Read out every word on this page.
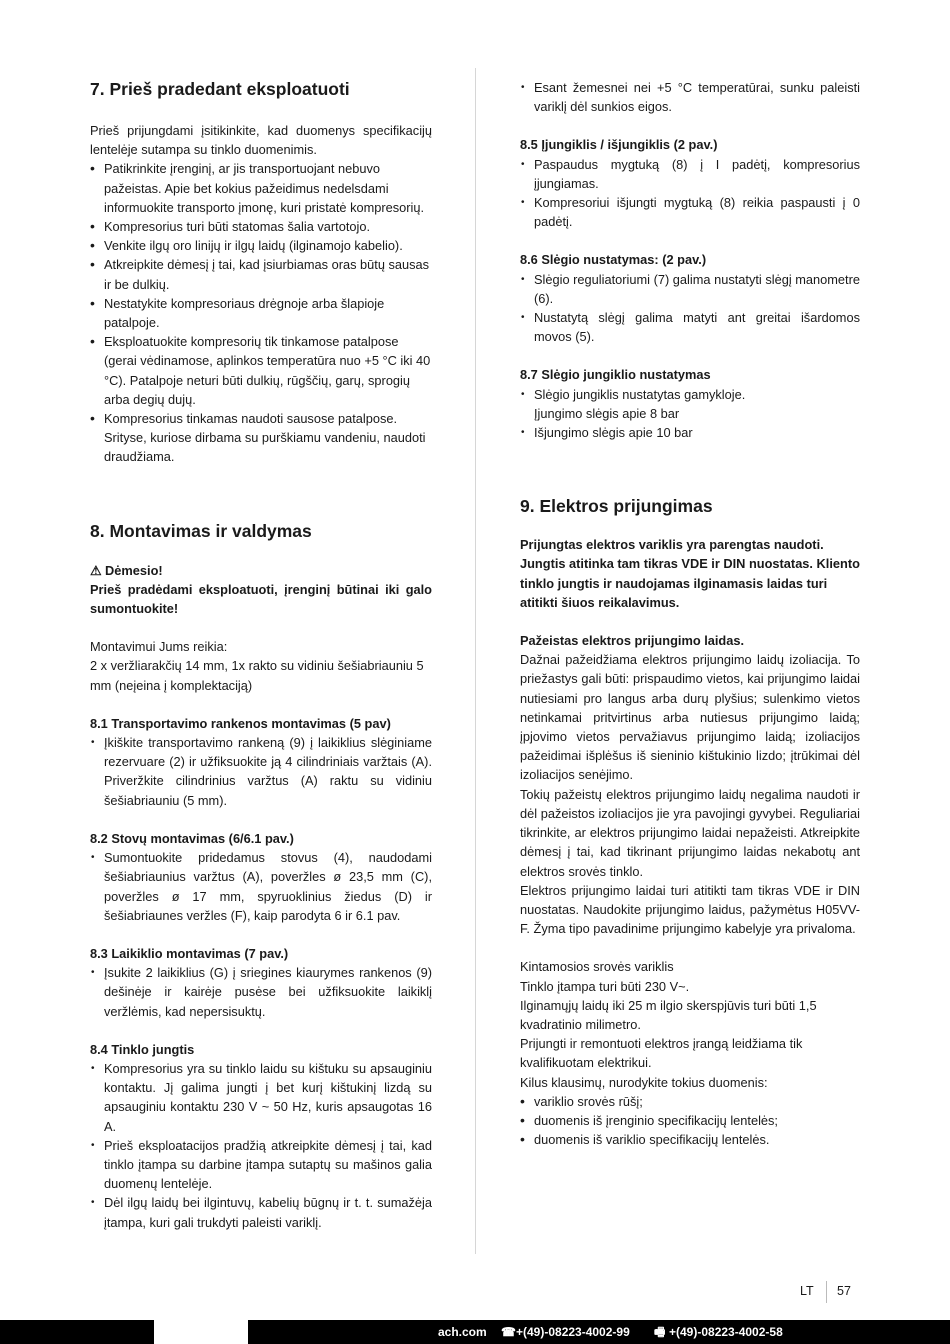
7. Prieš pradedant eksploatuoti

Prieš prijungdami įsitikinkite, kad duomenys specifikacijų lentelėje sutampa su tinklo duomenimis.

• Patikrinkite įrenginį, ar jis transportuojant nebuvo pažeistas. Apie bet kokius pažeidimus nedelsdami informuokite transporto įmonę, kuri pristatė kompresorių.
• Kompresorius turi būti statomas šalia vartotojo.
• Venkite ilgų oro linijų ir ilgų laidų (ilginamojo kabelio).
• Atkreipkite dėmesį į tai, kad įsiurbiamas oras būtų sausas ir be dulkių.
• Nestatykite kompresoriaus drėgnoje arba šlapioje patalpoje.
• Eksploatuokite kompresorių tik tinkamose patalpose (gerai vėdinamose, aplinkos temperatūra nuo +5 °C iki 40 °C). Patalpoje neturi būti dulkių, rūgščių, garų, sprogių arba degių dujų.
• Kompresorius tinkamas naudoti sausose patalpose. Srityse, kuriose dirbama su purškiamu vandeniu, naudoti draudžiama.
8. Montavimas ir valdymas

⚠ Dėmesio!

Prieš pradėdami eksploatuoti, įrenginį būtinai iki galo sumontuokite!

Montavimui Jums reikia:

2 x veržliarakčių 14 mm, 1x rakto su vidiniu šešiabriauniu 5 mm (neįeina į komplektaciją)

8.1 Transportavimo rankenos montavimas (5 pav)
• Įkiškite transportavimo rankeną (9) į laikiklius slėginiame rezervuare (2) ir užfiksuokite ją 4 cilindriniais varžtais (A). Priveržkite cilindrinius varžtus (A) raktu su vidiniu šešiabriauniu (5 mm).
8.2 Stovų montavimas (6/6.1 pav.)
• Sumontuokite pridedamus stovus (4), naudodami šešiabriaunius varžtus (A), poveržles ø 23,5 mm (C), poveržles ø 17 mm, spyruoklinius žiedus (D) ir šešiabriaunes veržles (F), kaip parodyta 6 ir 6.1 pav.
8.3 Laikiklio montavimas (7 pav.)
• Įsukite 2 laikiklius (G) į sriegines kiaurymes rankenos (9) dešinėje ir kairėje pusėse bei užfiksuokite laikiklį veržlėmis, kad nepersisuktų.
8.4 Tinklo jungtis
• Kompresorius yra su tinklo laidu su kištuku su apsauginiu kontaktu. Jį galima jungti į bet kurį kištukinį lizdą su apsauginiu kontaktu 230 V ~ 50 Hz, kuris apsaugotas 16 A.
• Prieš eksploatacijos pradžią atkreipkite dėmesį į tai, kad tinklo įtampa su darbine įtampa sutaptų su mašinos galia duomenų lentelėje.
• Dėl ilgų laidų bei ilgintuvų, kabelių būgnų ir t. t. sumažėja įtampa, kuri gali trukdyti paleisti variklį.
• Esant žemesnei nei +5 °C temperatūrai, sunku paleisti variklį dėl sunkios eigos.
8.5 Įjungiklis / išjungiklis (2 pav.)
• Paspaudus mygtuką (8) į I padėtį, kompresorius įjungiamas.
• Kompresoriui išjungti mygtuką (8) reikia paspausti į 0 padėtį.
8.6 Slėgio nustatymas: (2 pav.)
• Slėgio reguliatoriumi (7) galima nustatyti slėgį manometre (6).
• Nustatytą slėgį galima matyti ant greitai išardomos movos (5).
8.7 Slėgio jungiklio nustatymas
• Slėgio jungiklis nustatytas gamykloje.
Įjungimo slėgis apie 8 bar
• Išjungimo slėgis apie 10 bar
9. Elektros prijungimas

Prijungtas elektros variklis yra parengtas naudoti. Jungtis atitinka tam tikras VDE ir DIN nuostatas. Kliento tinklo jungtis ir naudojamas ilginamasis laidas turi atitikti šiuos reikalavimus.

Pažeistas elektros prijungimo laidas.

Dažnai pažeidžiama elektros prijungimo laidų izoliacija. To priežastys gali būti: prispaudimo vietos, kai prijungimo laidai nutiesiami pro langus arba durų plyšius; sulenkimo vietos netinkamai pritvirtinus arba nutiesus prijungimo laidą; įpjovimo vietos pervažiavus prijungimo laidą; izoliacijos pažeidimai išplėšus iš sieninio kištukinio lizdo; įtrūkimai dėl izoliacijos senėjimo.

Tokių pažeistų elektros prijungimo laidų negalima naudoti ir dėl pažeistos izoliacijos jie yra pavojingi gyvybei. Reguliariai tikrinkite, ar elektros prijungimo laidai nepažeisti. Atkreipkite dėmesį į tai, kad tikrinant prijungimo laidas nekabotų ant elektros srovės tinklo.

Elektros prijungimo laidai turi atitikti tam tikras VDE ir DIN nuostatas. Naudokite prijungimo laidus, pažymėtus H05VV-F. Žyma tipo pavadinime prijungimo kabelyje yra privaloma.

Kintamosios srovės variklis

Tinklo įtampa turi būti 230 V~.

Ilginamųjų laidų iki 25 m ilgio skerspjūvis turi būti 1,5 kvadratinio milimetro.

Prijungti ir remontuoti elektros įrangą leidžiama tik kvalifikuotam elektrikui.

Kilus klausimų, nurodykite tokius duomenis:

• variklio srovės rūšį;
• duomenis iš įrenginio specifikacijų lentelės;
• duomenis iš variklio specifikacijų lentelės.
LT 57
ach.com ☎ +(49)-08223-4002-99 🖷 +(49)-08223-4002-58
